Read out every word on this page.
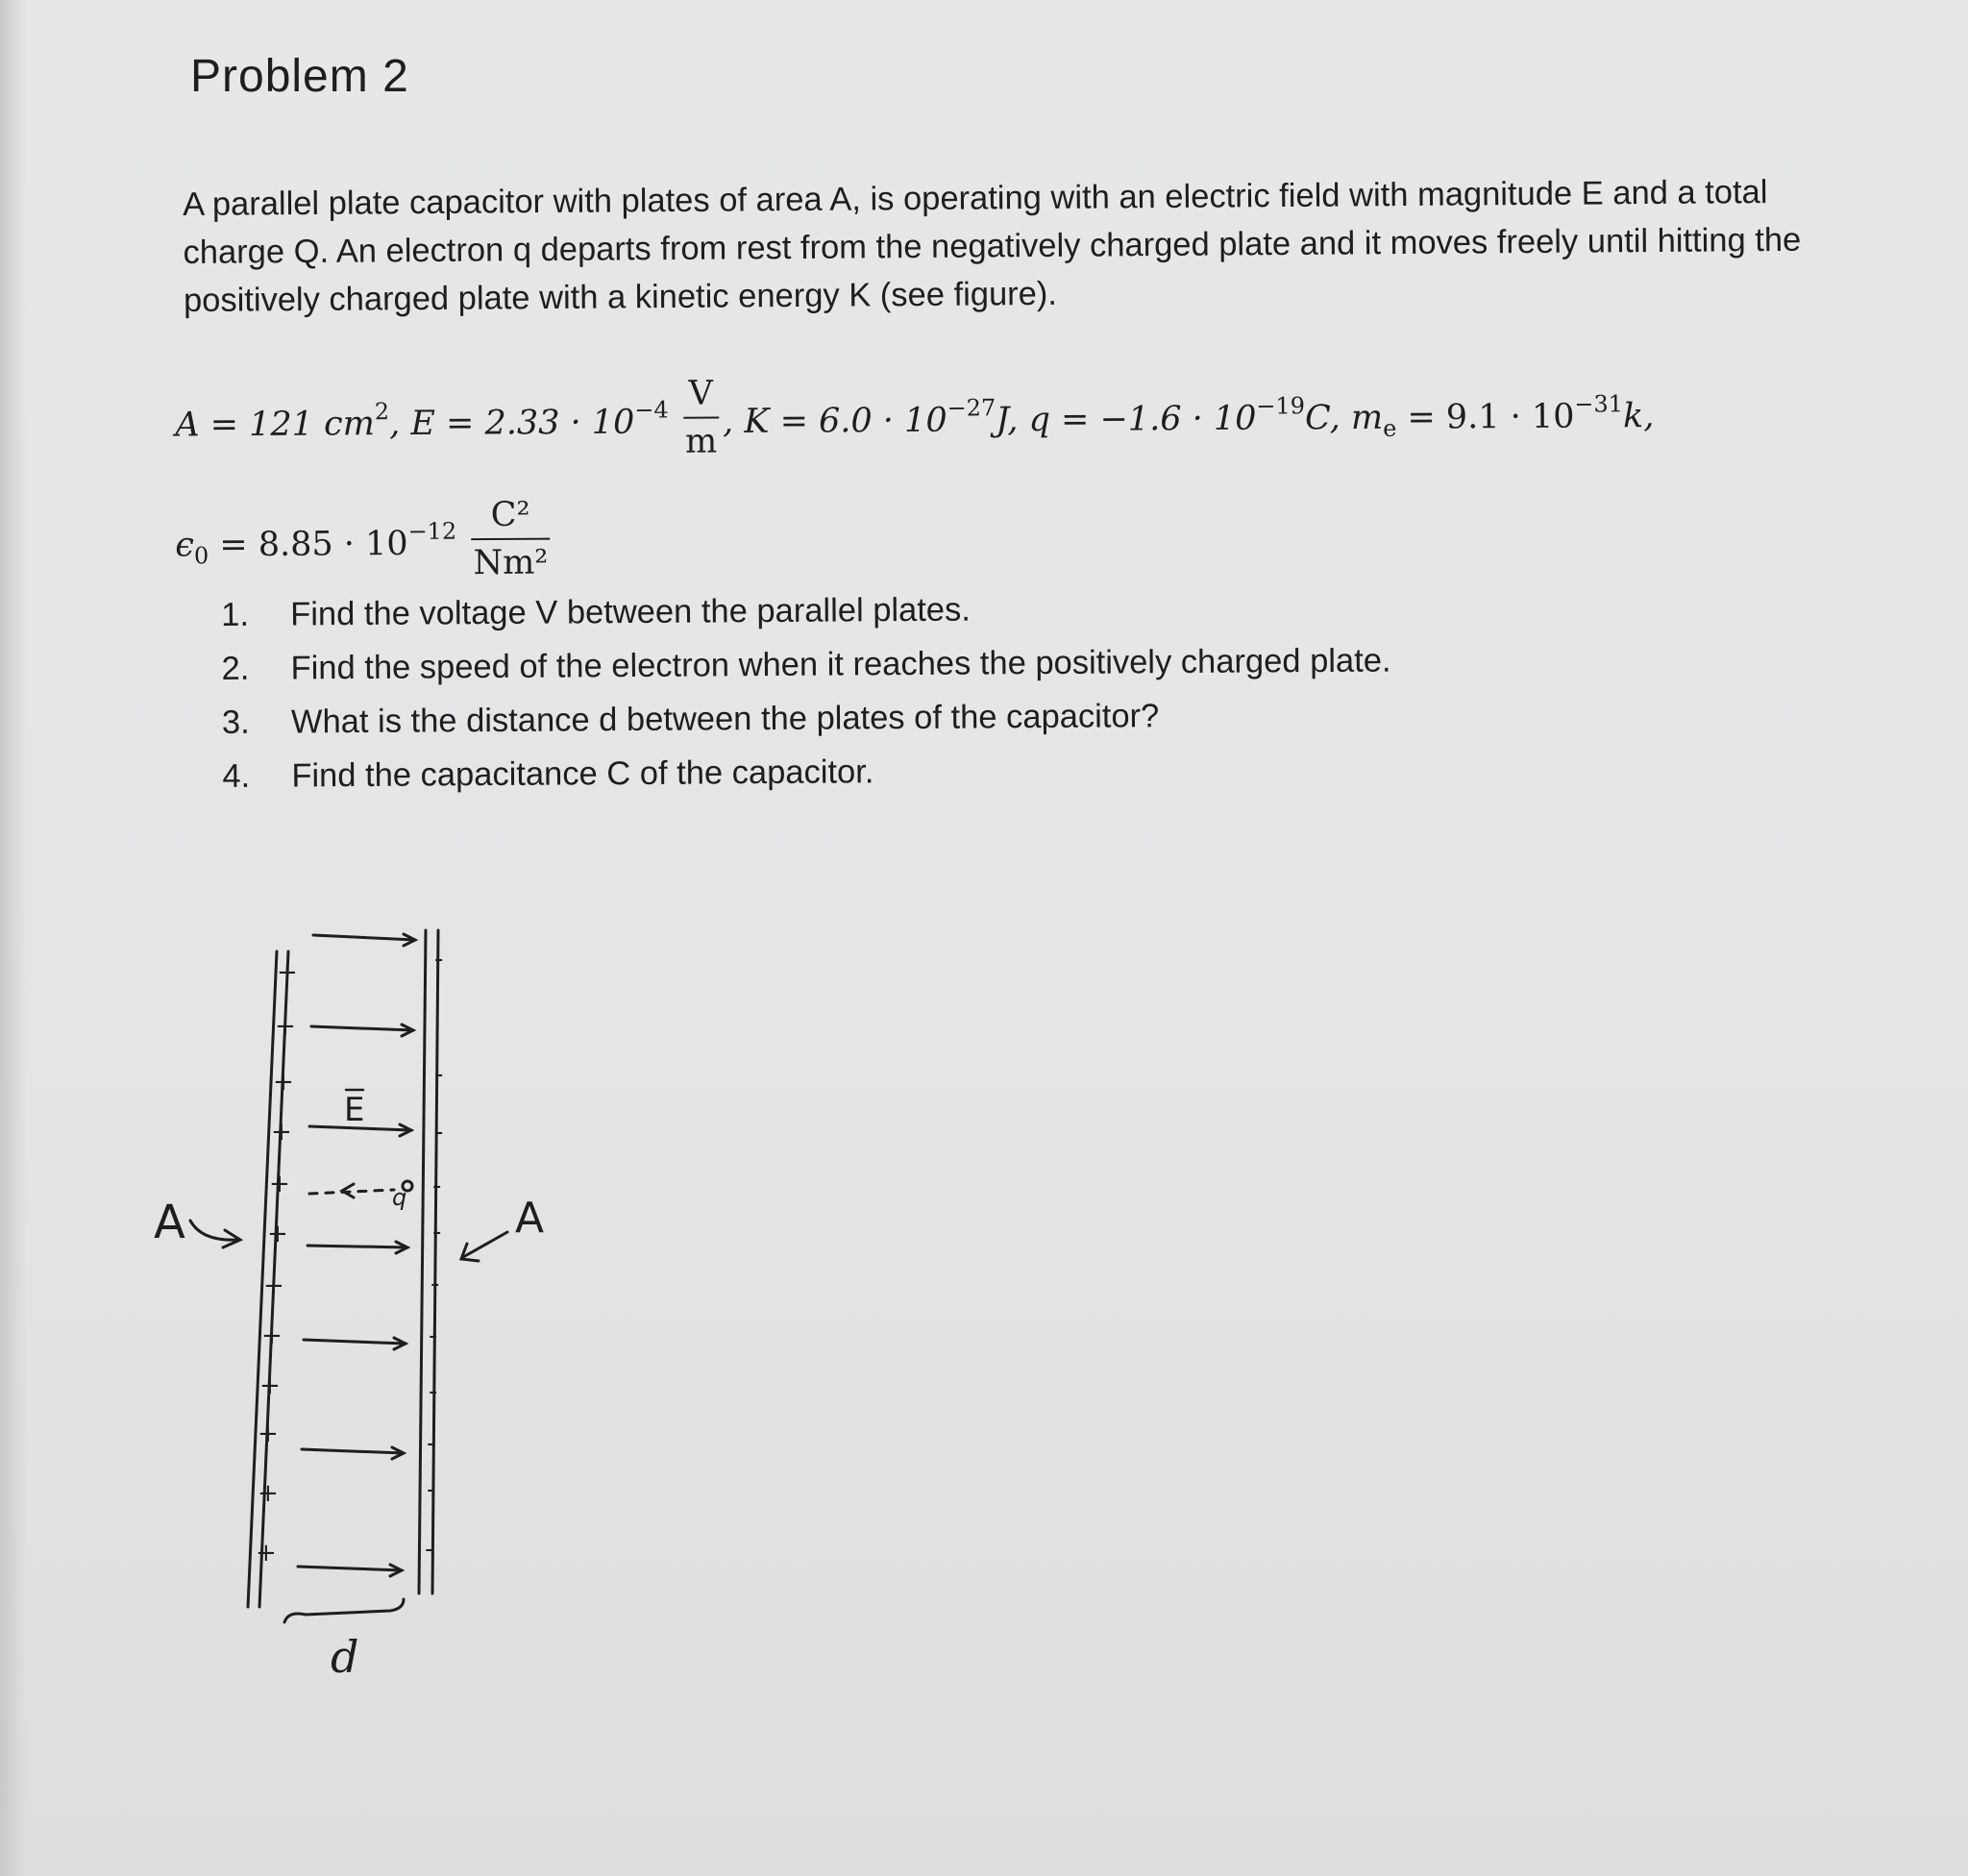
Problem 2

A parallel plate capacitor with plates of area A, is operating with an electric field with magnitude E and a total charge Q. An electron q departs from rest from the negatively charged plate and it moves freely until hitting the positively charged plate with a kinetic energy K (see figure).

A = 121 $cm^2$, $E = 2.33 \cdot 10^{-4} \frac{V}{m}$ , $K = 6.0 \cdot 10^{-27}J$, $q = -1.6 \cdot 10^{-19}C$, $m_e = 9.1 \cdot 10^{-31}k$,
$\epsilon_0 = 8.85 \cdot 10^{-12} \frac{\text{C²}}{\text{Nm²}}$
1. Find the voltage V between the parallel plates.
2. Find the speed of the electron when it reaches the positively charged plate.
3. What is the distance d between the plates of the capacitor?
4. Find the capacitance C of the capacitor.
+
+
+
+
+
+
+
+
+
+
+
+
-
-
-
-
-
-
-
-
-
-
-
A	A
E
q
d
